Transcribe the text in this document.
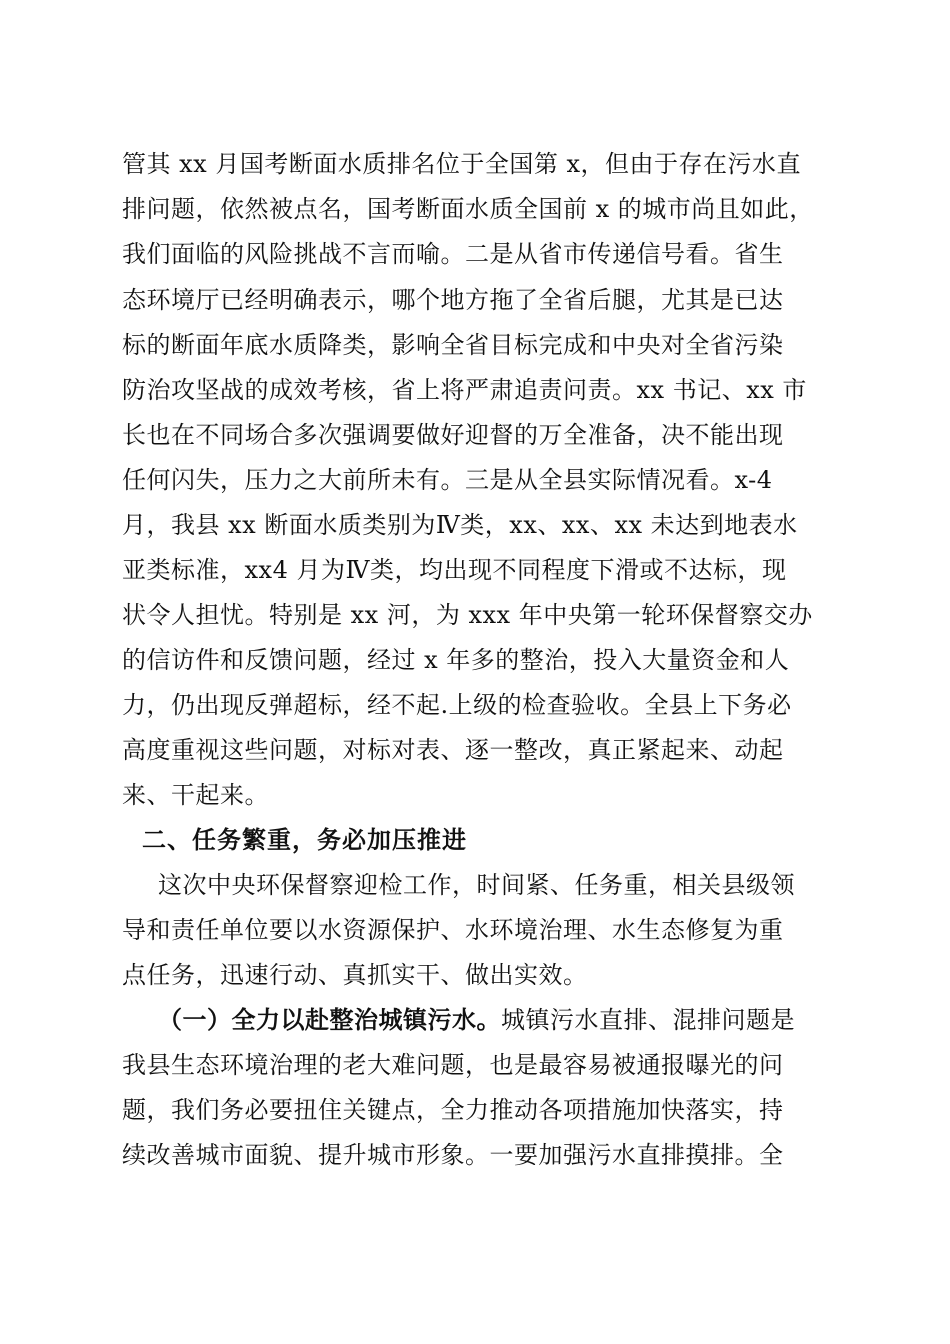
管其 xx 月国考断面水质排名位于全国第 x，但由于存在污水直
排问题，依然被点名，国考断面水质全国前 x 的城市尚且如此，
我们面临的风险挑战不言而喻。二是从省市传递信号看。省生
态环境厅已经明确表示，哪个地方拖了全省后腿，尤其是已达
标的断面年底水质降类，影响全省目标完成和中央对全省污染
防治攻坚战的成效考核，省上将严肃追责问责。xx 书记、xx 市
长也在不同场合多次强调要做好迎督的万全准备，决不能出现
任何闪失，压力之大前所未有。三是从全县实际情况看。x-4
月，我县 xx 断面水质类别为Ⅳ类，xx、xx、xx 未达到地表水
亚类标准，xx4 月为Ⅳ类，均出现不同程度下滑或不达标，现
状令人担忧。特别是 xx 河，为 xxx 年中央第一轮环保督察交办
的信访件和反馈问题，经过 x 年多的整治，投入大量资金和人
力，仍出现反弹超标，经不起.上级的检查验收。全县上下务必
高度重视这些问题，对标对表、逐一整改，真正紧起来、动起
来、干起来。
二、任务繁重，务必加压推进
这次中央环保督察迎检工作，时间紧、任务重，相关县级领
导和责任单位要以水资源保护、水环境治理、水生态修复为重
点任务，迅速行动、真抓实干、做出实效。
（一）全力以赴整治城镇污水。城镇污水直排、混排问题是
我县生态环境治理的老大难问题，也是最容易被通报曝光的问
题，我们务必要扭住关键点，全力推动各项措施加快落实，持
续改善城市面貌、提升城市形象。一要加强污水直排摸排。全
